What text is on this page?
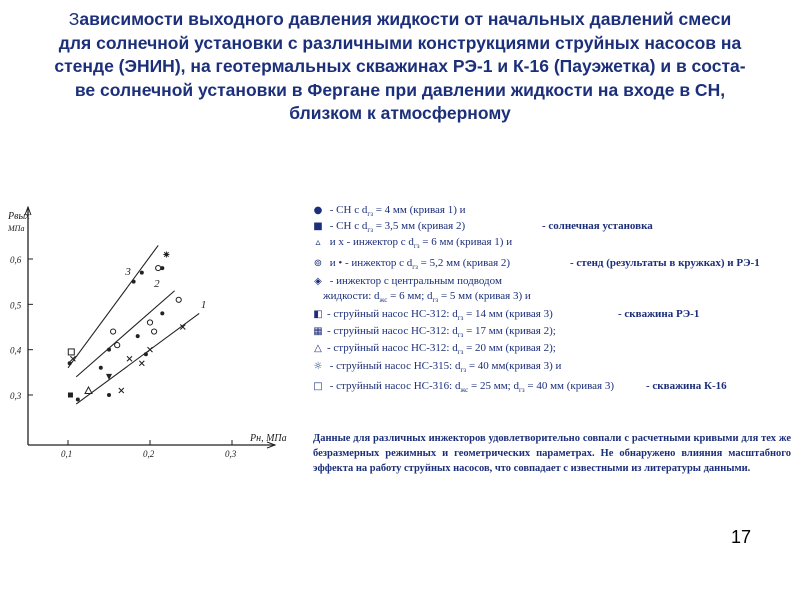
Зависимости выходного давления жидкости от начальных давлений смеси
для солнечной установки с различными конструкциями струйных насосов на
стенде (ЭНИН), на геотермальных скважинах РЭ-1 и К-16 (Пауэжетка) и в соста-
ве солнечной установки в Фергане при давлении жидкости на входе в СН,
близком к атмосферному
Pвых
МПа
Pн, МПа
0,1	0,2	0,3
0,6
0,5
0,4
0,3
1
2
3
● - СН с $d_{гз} = 4$ мм (кривая 1) и
■ - СН с $d_{гз} = 3,5$ мм (кривая 2)	- солнечная установка
▵ и x - инжектор с $d_{гз} = 6$ мм (кривая 1) и
⊚ и • - инжектор с $d_{гз} = 5,2$ мм (кривая 2)	- стенд (результаты в кружках) и РЭ-1
◈ - инжектор с центральным подводом
жидкости: $d_{жс} = 6$ мм; $d_{гз} = 5$ мм (кривая 3) и
◧ - струйный насос НС-312: $d_{гз} = 14$ мм (кривая 3)	- скважина РЭ-1
▦ - струйный насос НС-312: $d_{гз} = 17$ мм (кривая 2);
△ - струйный насос НС-312: $d_{гз} = 20$ мм (кривая 2);
☼ - струйный насос НС-315: $d_{гз} = 40$ мм(кривая 3) и
□ - струйный насос НС-316: $d_{жс} = 25$ мм; $d_{гз} = 40$ мм (кривая 3)	- скважина К-16
Данные для различных инжекторов удовлетворительно совпали с расчетными кривыми для тех же безразмерных режимных и геометрических параметрах. Не обнаружено влияния масштабного эффекта на работу струйных насосов, что совпадает с известными из литературы данными.
17
